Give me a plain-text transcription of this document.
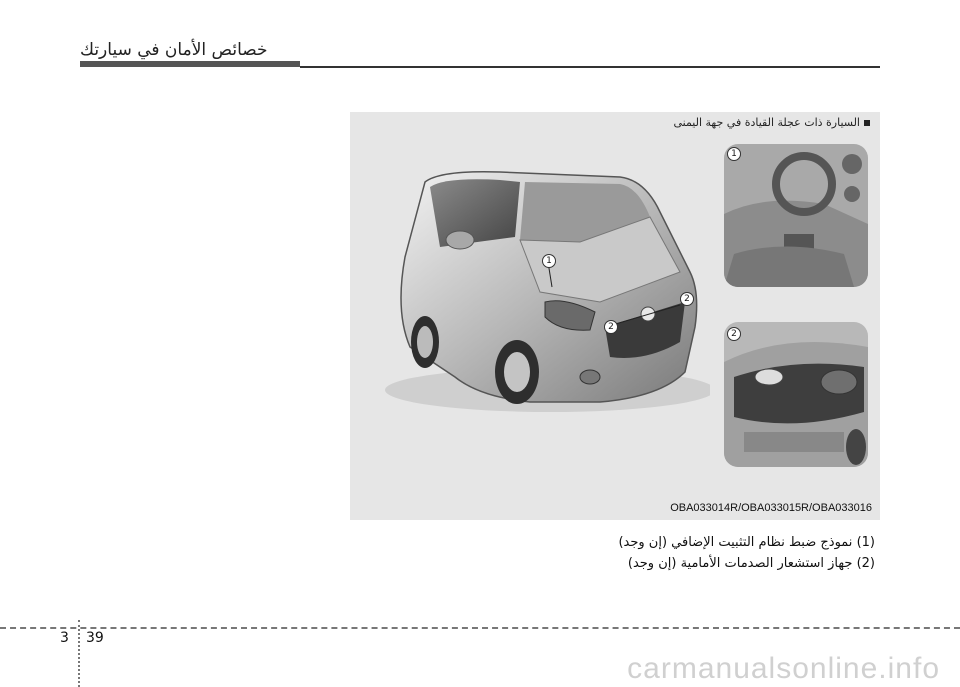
خصائص الأمان في سيارتك
السيارة ذات عجلة القيادة في جهة اليمنى
1
2
2
1
2
OBA033014R/OBA033015R/OBA033016
(1) نموذج ضبط نظام التثبيت الإضافي (إن وجد)
(2) جهاز استشعار الصدمات الأمامية (إن وجد)
3 39
carmanualsonline.info
